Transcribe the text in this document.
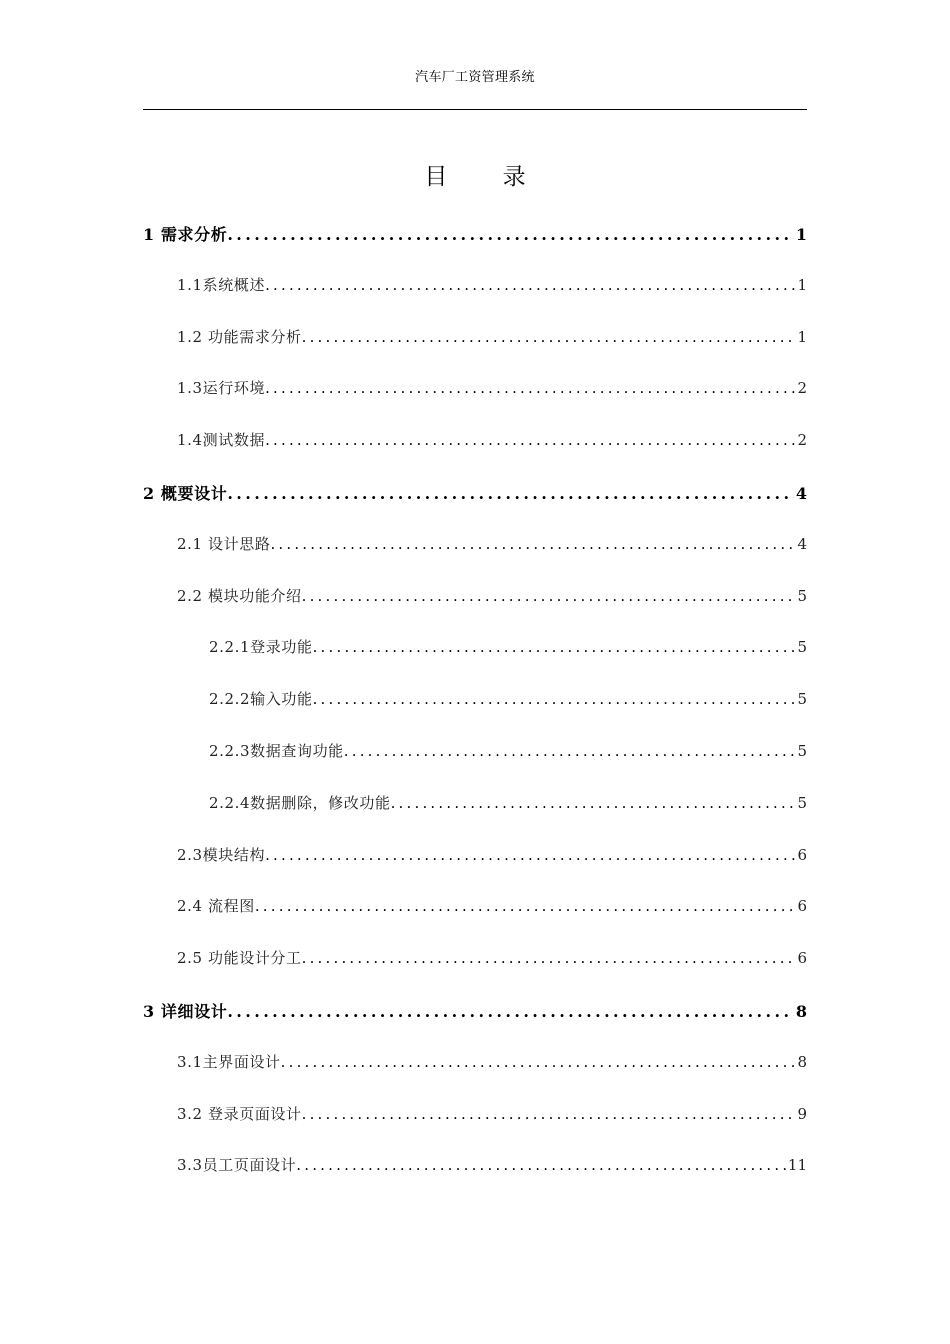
汽车厂工资管理系统
目 录
1 需求分析 .....	1
1.1系统概述 .....	1
1.2 功能需求分析 .....	1
1.3运行环境 .....	2
1.4测试数据 .....	2
2 概要设计 .....	4
2.1 设计思路 .....	4
2.2 模块功能介绍 .....	5
2.2.1登录功能 .....	5
2.2.2输入功能 .....	5
2.2.3数据查询功能 .....	5
2.2.4数据删除，修改功能 .....	5
2.3模块结构 .....	6
2.4 流程图 .....	6
2.5 功能设计分工 .....	6
3 详细设计 .....	8
3.1主界面设计 .....	8
3.2 登录页面设计 .....	9
3.3员工页面设计 .....	11
